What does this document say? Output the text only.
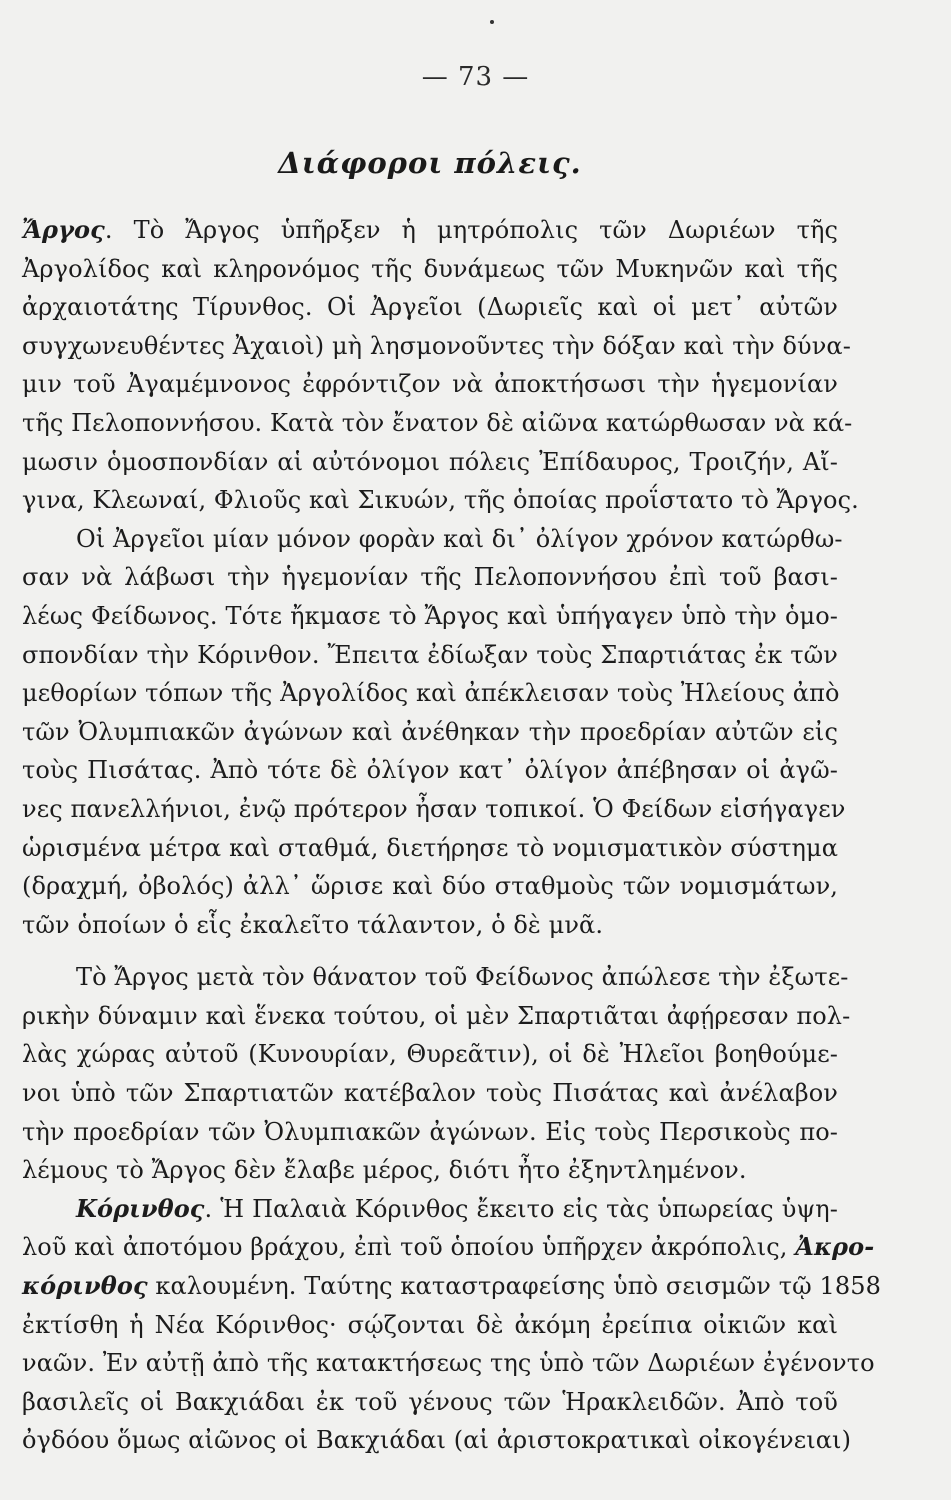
— 73 —
Διάφοροι πόλεις.
Ἄργος. Τὸ Ἄργος ὑπῆρξεν ἡ μητρόπολις τῶν Δωριέων τῆς
Ἀργολίδος καὶ κληρονόμος τῆς δυνάμεως τῶν Μυκηνῶν καὶ τῆς
ἀρχαιοτάτης Τίρυνθος. Οἱ Ἀργεῖοι (Δωριεῖς καὶ οἱ μετ᾽ αὐτῶν
συγχωνευθέντες Ἀχαιοὶ) μὴ λησμονοῦντες τὴν δόξαν καὶ τὴν δύνα-
μιν τοῦ Ἀγαμέμνονος ἐφρόντιζον νὰ ἀποκτήσωσι τὴν ἡγεμονίαν
τῆς Πελοποννήσου. Κατὰ τὸν ἔνατον δὲ αἰῶνα κατώρθωσαν νὰ κά-
μωσιν ὁμοσπονδίαν αἱ αὐτόνομοι πόλεις Ἐπίδαυρος, Τροιζήν, Αἴ-
γινα, Κλεωναί, Φλιοῦς καὶ Σικυών, τῆς ὁποίας προΐστατο τὸ Ἄργος.
Οἱ Ἀργεῖοι μίαν μόνον φορὰν καὶ δι᾽ ὀλίγον χρόνον κατώρθω-
σαν νὰ λάβωσι τὴν ἡγεμονίαν τῆς Πελοποννήσου ἐπὶ τοῦ βασι-
λέως Φείδωνος. Τότε ἤκμασε τὸ Ἄργος καὶ ὑπήγαγεν ὑπὸ τὴν ὁμο-
σπονδίαν τὴν Κόρινθον. Ἔπειτα ἐδίωξαν τοὺς Σπαρτιάτας ἐκ τῶν
μεθορίων τόπων τῆς Ἀργολίδος καὶ ἀπέκλεισαν τοὺς Ἠλείους ἀπὸ
τῶν Ὀλυμπιακῶν ἀγώνων καὶ ἀνέθηκαν τὴν προεδρίαν αὐτῶν εἰς
τοὺς Πισάτας. Ἀπὸ τότε δὲ ὀλίγον κατ᾽ ὀλίγον ἀπέβησαν οἱ ἀγῶ-
νες πανελλήνιοι, ἐνῷ πρότερον ἦσαν τοπικοί. Ὁ Φείδων εἰσήγαγεν
ὡρισμένα μέτρα καὶ σταθμά, διετήρησε τὸ νομισματικὸν σύστημα
(δραχμή, ὀβολός) ἀλλ᾽ ὥρισε καὶ δύο σταθμοὺς τῶν νομισμάτων,
τῶν ὁποίων ὁ εἷς ἐκαλεῖτο τάλαντον, ὁ δὲ μνᾶ.
Τὸ Ἄργος μετὰ τὸν θάνατον τοῦ Φείδωνος ἀπώλεσε τὴν ἐξωτε-
ρικὴν δύναμιν καὶ ἕνεκα τούτου, οἱ μὲν Σπαρτιᾶται ἀφῄρεσαν πολ-
λὰς χώρας αὐτοῦ (Κυνουρίαν, Θυρεᾶτιν), οἱ δὲ Ἠλεῖοι βοηθούμε-
νοι ὑπὸ τῶν Σπαρτιατῶν κατέβαλον τοὺς Πισάτας καὶ ἀνέλαβον
τὴν προεδρίαν τῶν Ὀλυμπιακῶν ἀγώνων. Εἰς τοὺς Περσικοὺς πο-
λέμους τὸ Ἄργος δὲν ἔλαβε μέρος, διότι ἦτο ἐξηντλημένον.
Κόρινθος. Ἡ Παλαιὰ Κόρινθος ἔκειτο εἰς τὰς ὑπωρείας ὑψη-
λοῦ καὶ ἀποτόμου βράχου, ἐπὶ τοῦ ὁποίου ὑπῆρχεν ἀκρόπολις, Ἀκρο-
κόρινθος καλουμένη. Ταύτης καταστραφείσης ὑπὸ σεισμῶν τῷ 1858
ἐκτίσθη ἡ Νέα Κόρινθος· σῴζονται δὲ ἀκόμη ἐρείπια οἰκιῶν καὶ
ναῶν. Ἐν αὐτῇ ἀπὸ τῆς κατακτήσεως της ὑπὸ τῶν Δωριέων ἐγένοντο
βασιλεῖς οἱ Βακχιάδαι ἐκ τοῦ γένους τῶν Ἡρακλειδῶν. Ἀπὸ τοῦ
ὀγδόου ὅμως αἰῶνος οἱ Βακχιάδαι (αἱ ἀριστοκρατικαὶ οἰκογένειαι)
